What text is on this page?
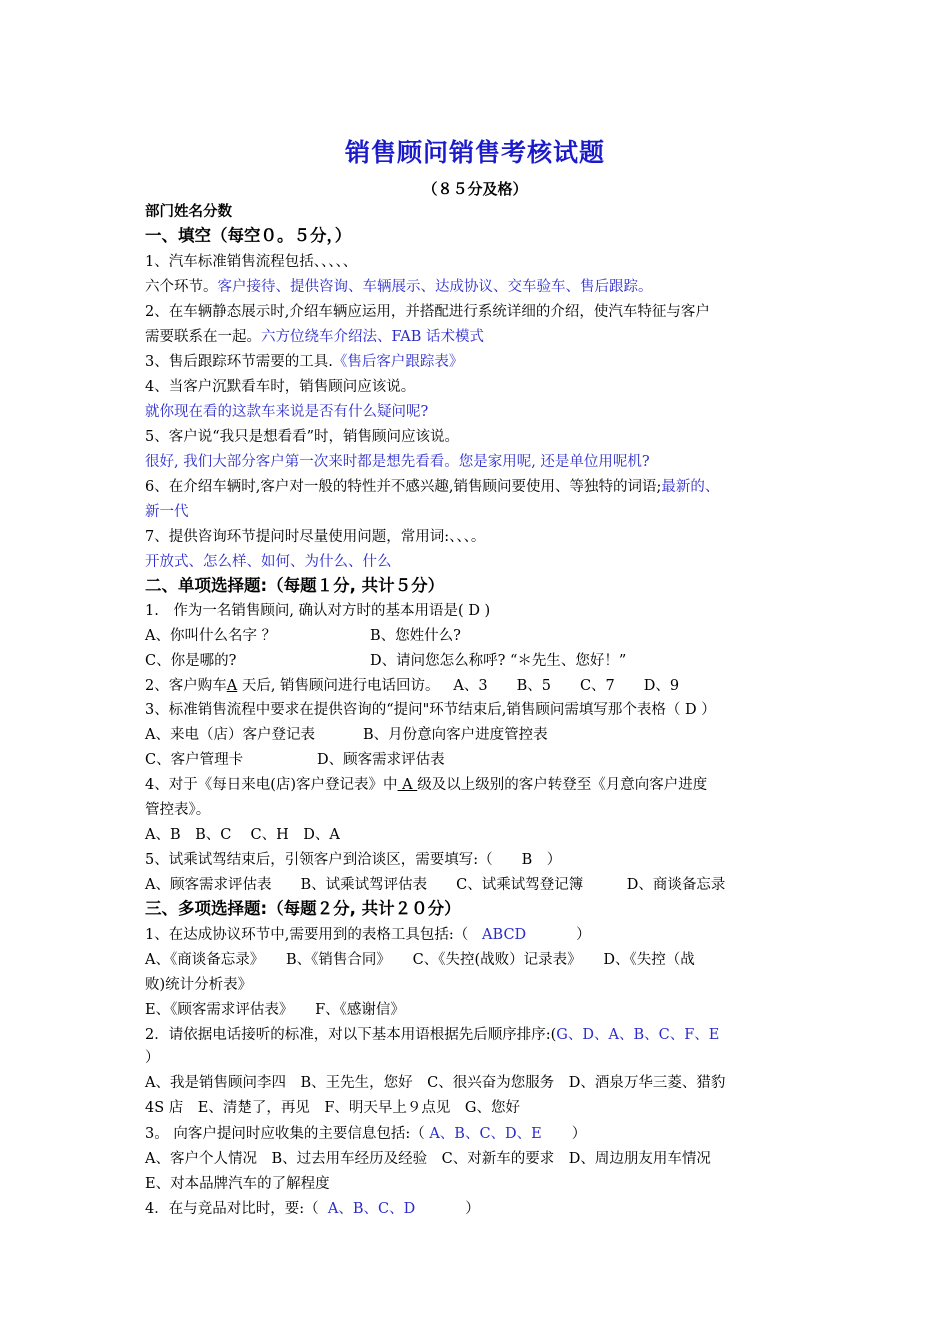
销售顾问销售考核试题
（８５分及格）
部门姓名分数
一、填空（每空０。５分，）
1、汽车标准销售流程包括、、、、、
六个环节。客户接待、提供咨询、车辆展示、达成协议、交车验车、售后跟踪。
2、在车辆静态展示时,介绍车辆应运用，并搭配进行系统详细的介绍，使汽车特征与客户
需要联系在一起。六方位绕车介绍法、FAB 话术模式
3、售后跟踪环节需要的工具.《售后客户跟踪表》
4、当客户沉默看车时，销售顾问应该说。
就你现在看的这款车来说是否有什么疑问呢?
5、客户说“我只是想看看”时，销售顾问应该说。
很好, 我们大部分客户第一次来时都是想先看看。您是家用呢, 还是单位用呢机?
6、在介绍车辆时,客户对一般的特性并不感兴趣,销售顾问要使用、等独特的词语;最新的、
新一代
7、提供咨询环节提问时尽量使用问题，常用词:、、、。
开放式、怎么样、如何、为什么、什么
二、单项选择题:（每题１分, 共计５分）
1.　作为一名销售顾问, 确认对方时的基本用语是( D )
A、你叫什么名字 ？	B、您姓什么?
C、你是哪的?	D、请问您怎么称呼? “＊先生、您好！”
2、客户购车A 天后, 销售顾问进行电话回访。 A、3　　B、5　　C、7　　D、9
3、标准销售流程中要求在提供咨询的“提问"环节结束后,销售顾问需填写那个表格（ D ）
A、来电（店）客户登记表	B、月份意向客户进度管控表
C、客户管理卡	D、顾客需求评估表
4、对于《每日来电(店)客户登记表》中 A 级及以上级别的客户转登至《月意向客户进度
管控表》。
A、B　B、C　 C、H　D、A
5、试乘试驾结束后，引领客户到洽谈区，需要填写:（　　B　）
A、顾客需求评估表　　B、试乘试驾评估表　　C、试乘试驾登记簿　　　D、商谈备忘录
三、多项选择题:（每题２分, 共计２０分）
1、在达成协议环节中,需要用到的表格工具包括:（ ABCD	）
A、《商谈备忘录》　　B、《销售合同》　　C、《失控(战败）记录表》　　D、《失控（战
败)统计分析表》
E、《顾客需求评估表》　　F、《感谢信》
2．请依据电话接听的标准，对以下基本用语根据先后顺序排序:(G、D、A、B、C、F、E
）
A、我是销售顾问李四　B、王先生，您好　C、很兴奋为您服务　D、酒泉万华三菱、猎豹
4S 店　E、清楚了，再见　F、明天早上９点见　G、您好
3。 向客户提问时应收集的主要信息包括:（ A、B、C、D、E ）
A、客户个人情况　B、过去用车经历及经验　C、对新车的要求　D、周边朋友用车情况
E、对本品牌汽车的了解程度
4．在与竞品对比时，要:（ A、B、C、D	）
